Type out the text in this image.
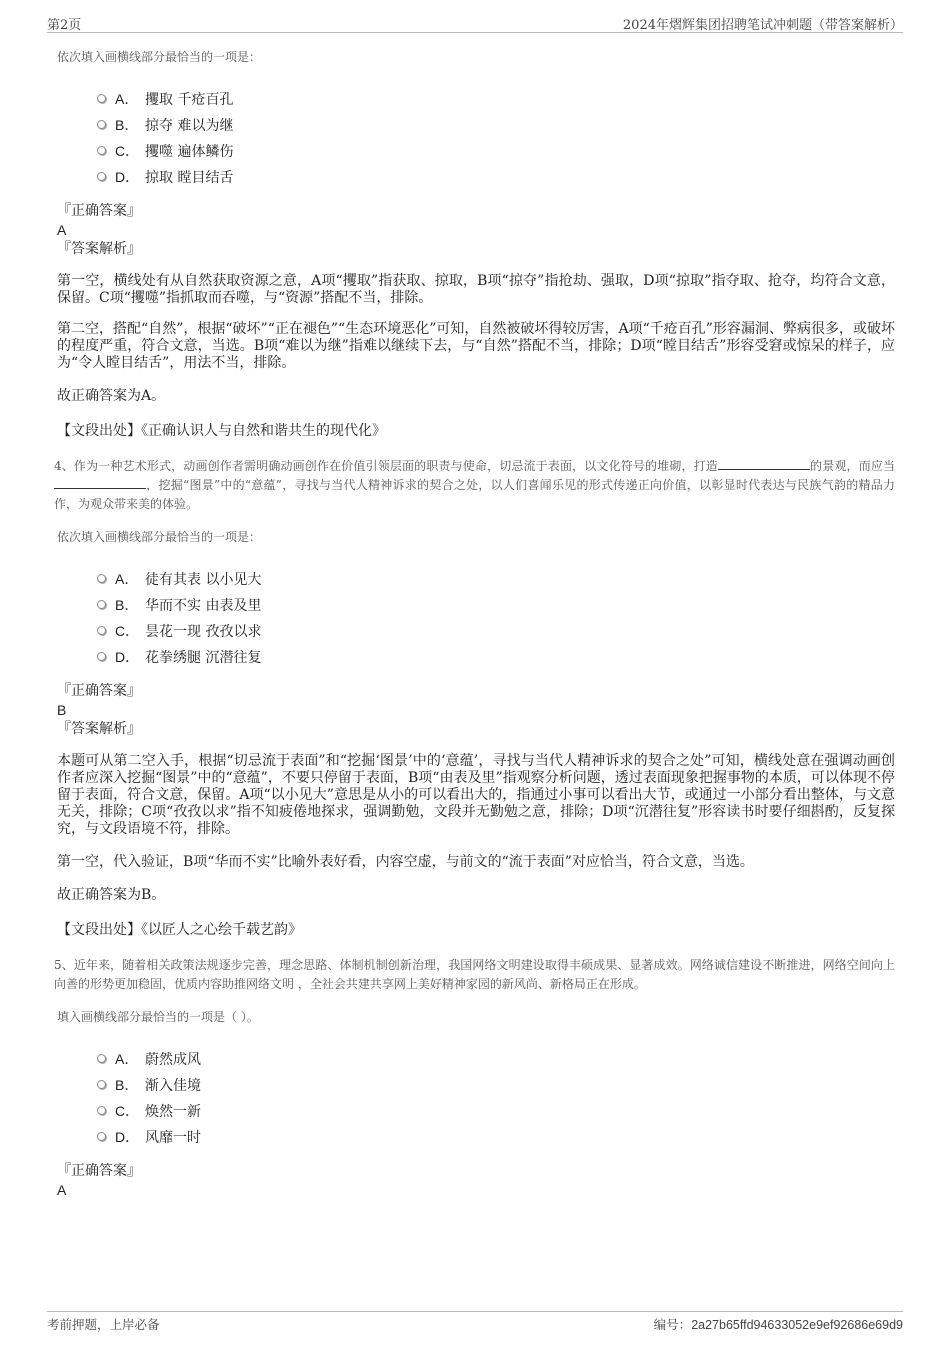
第2页	2024年熠辉集团招聘笔试冲刺题（带答案解析）

依次填入画横线部分最恰当的一项是：

A． 攫取 千疮百孔
B． 掠夺 难以为继
C． 攫噬 遍体鳞伤
D． 掠取 瞠目结舌

『正确答案』

A

『答案解析』

第一空，横线处有从自然获取资源之意，A项“攫取”指获取、掠取，B项“掠夺”指抢劫、强取，D项“掠取”指夺取、抢夺，均符合文意，保留。C项“攫噬”指抓取而吞噬，与“资源”搭配不当，排除。

第二空，搭配“自然”，根据“破坏”“正在褪色”“生态环境恶化”可知，自然被破坏得较厉害，A项“千疮百孔”形容漏洞、弊病很多，或破坏的程度严重，符合文意，当选。B项“难以为继”指难以继续下去，与“自然”搭配不当，排除；D项“瞠目结舌”形容受窘或惊呆的样子，应为“令人瞠目结舌”，用法不当，排除。

故正确答案为A。

【文段出处】《正确认识人与自然和谐共生的现代化》

4、作为一种艺术形式，动画创作者需明确动画创作在价值引领层面的职责与使命，切忌流于表面，以文化符号的堆砌，打造	的景观，而应当，挖掘“图景”中的“意蕴”，寻找与当代人精神诉求的契合之处，以人们喜闻乐见的形式传递正向价值，以彰显时代表达与民族气韵的精品力作，为观众带来美的体验。

依次填入画横线部分最恰当的一项是：

A． 徒有其表 以小见大
B． 华而不实 由表及里
C． 昙花一现 孜孜以求
D． 花拳绣腿 沉潜往复

『正确答案』

B

『答案解析』

本题可从第二空入手，根据“切忌流于表面”和“挖掘‘图景’中的‘意蕴’，寻找与当代人精神诉求的契合之处”可知，横线处意在强调动画创作者应深入挖掘“图景”中的“意蕴”，不要只停留于表面，B项“由表及里”指观察分析问题，透过表面现象把握事物的本质，可以体现不停留于表面，符合文意，保留。A项“以小见大”意思是从小的可以看出大的，指通过小事可以看出大节，或通过一小部分看出整体，与文意无关，排除；C项“孜孜以求”指不知疲倦地探求，强调勤勉，文段并无勤勉之意，排除；D项“沉潜往复”形容读书时要仔细斟酌，反复探究，与文段语境不符，排除。

第一空，代入验证，B项“华而不实”比喻外表好看，内容空虚，与前文的“流于表面”对应恰当，符合文意，当选。

故正确答案为B。

【文段出处】《以匠人之心绘千载艺韵》

5、近年来，随着相关政策法规逐步完善，理念思路、体制机制创新治理，我国网络文明建设取得丰硕成果、显著成效。网络诚信建设不断推进，网络空间向上向善的形势更加稳固，优质内容助推网络文明 ，全社会共建共享网上美好精神家园的新风尚、新格局正在形成。

填入画横线部分最恰当的一项是（ ）。

A． 蔚然成风
B． 渐入佳境
C． 焕然一新
D． 风靡一时

『正确答案』

A

考前押题，上岸必备	编号：2a27b65ffd94633052e9ef92686e69d9
